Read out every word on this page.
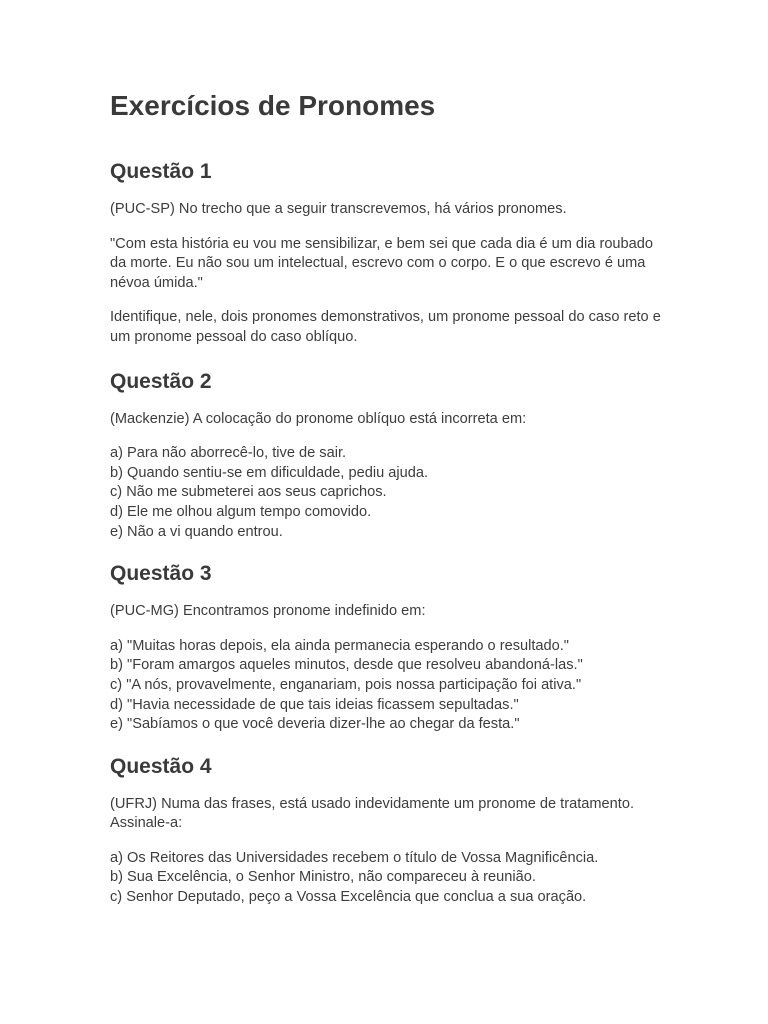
Exercícios de Pronomes
Questão 1

(PUC-SP) No trecho que a seguir transcrevemos, há vários pronomes.

"Com esta história eu vou me sensibilizar, e bem sei que cada dia é um dia roubado da morte. Eu não sou um intelectual, escrevo com o corpo. E o que escrevo é uma névoa úmida."

Identifique, nele, dois pronomes demonstrativos, um pronome pessoal do caso reto e um pronome pessoal do caso oblíquo.

Questão 2

(Mackenzie) A colocação do pronome oblíquo está incorreta em:

a) Para não aborrecê-lo, tive de sair.
b) Quando sentiu-se em dificuldade, pediu ajuda.
c) Não me submeterei aos seus caprichos.
d) Ele me olhou algum tempo comovido.
e) Não a vi quando entrou.
Questão 3

(PUC-MG) Encontramos pronome indefinido em:

a) "Muitas horas depois, ela ainda permanecia esperando o resultado."
b) "Foram amargos aqueles minutos, desde que resolveu abandoná-las."
c) "A nós, provavelmente, enganariam, pois nossa participação foi ativa."
d) "Havia necessidade de que tais ideias ficassem sepultadas."
e) "Sabíamos o que você deveria dizer-lhe ao chegar da festa."
Questão 4

(UFRJ) Numa das frases, está usado indevidamente um pronome de tratamento. Assinale-a:

a) Os Reitores das Universidades recebem o título de Vossa Magnificência.
b) Sua Excelência, o Senhor Ministro, não compareceu à reunião.
c) Senhor Deputado, peço a Vossa Excelência que conclua a sua oração.
